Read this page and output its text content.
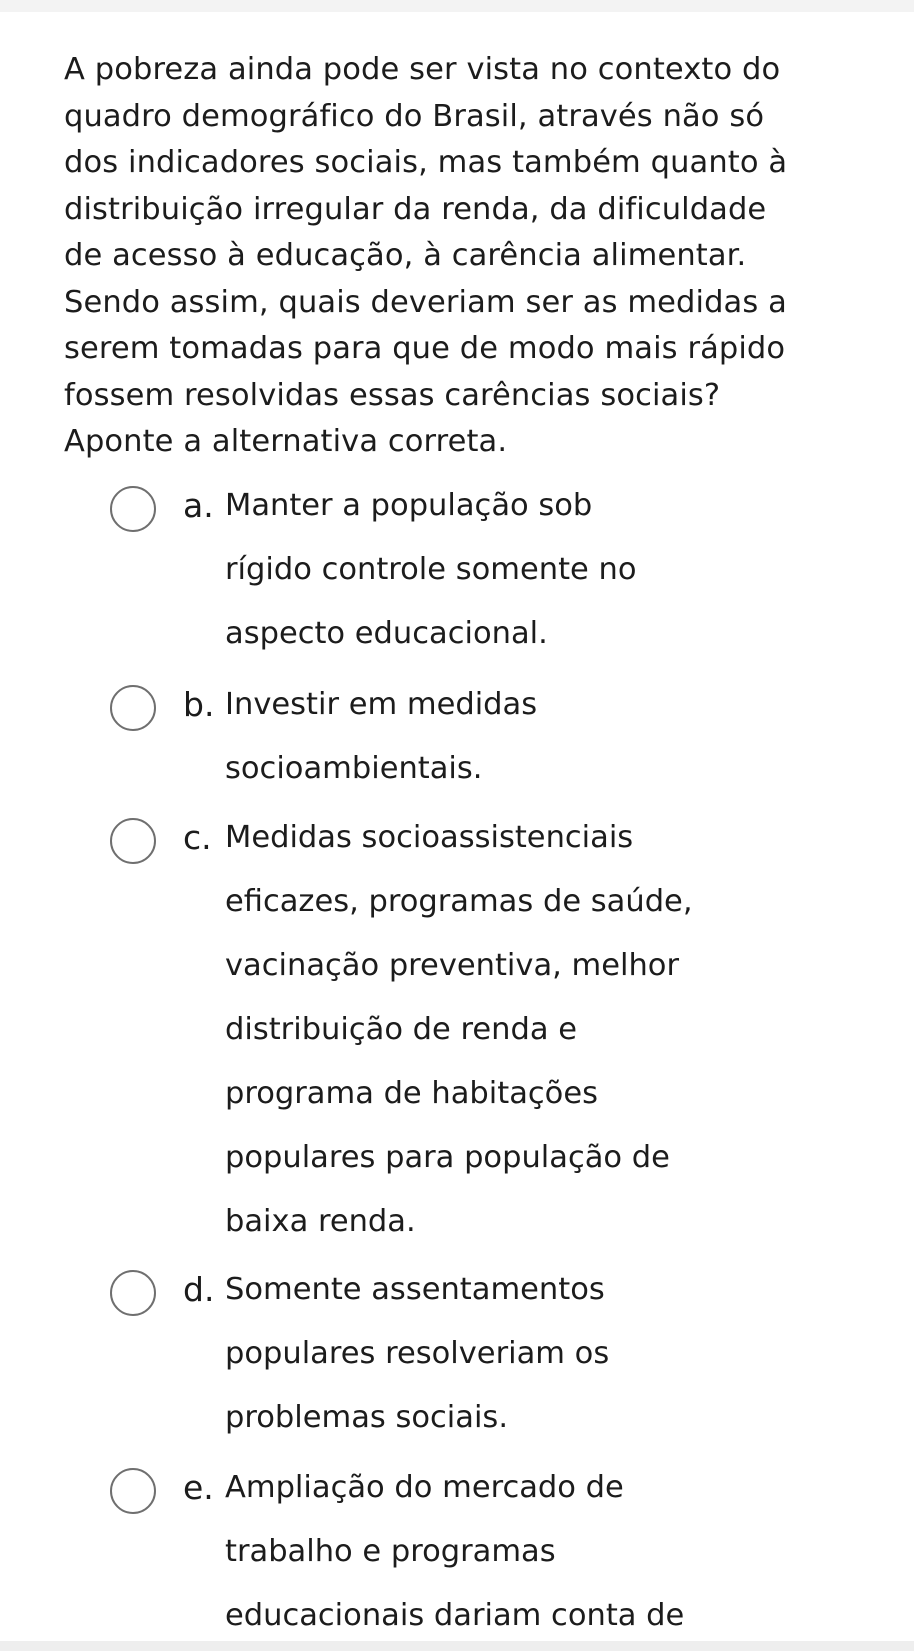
A pobreza ainda pode ser vista no contexto do
quadro demográfico do Brasil, através não só
dos indicadores sociais, mas também quanto à
distribuição irregular da renda, da dificuldade
de acesso à educação, à carência alimentar.
Sendo assim, quais deveriam ser as medidas a
serem tomadas para que de modo mais rápido
fossem resolvidas essas carências sociais?
Aponte a alternativa correta.

a. Manter a população sob
rígido controle somente no
aspecto educacional.
b. Investir em medidas
socioambientais.
c. Medidas socioassistenciais
eficazes, programas de saúde,
vacinação preventiva, melhor
distribuição de renda e
programa de habitações
populares para população de
baixa renda.
d. Somente assentamentos
populares resolveriam os
problemas sociais.
e. Ampliação do mercado de
trabalho e programas
educacionais dariam conta de
